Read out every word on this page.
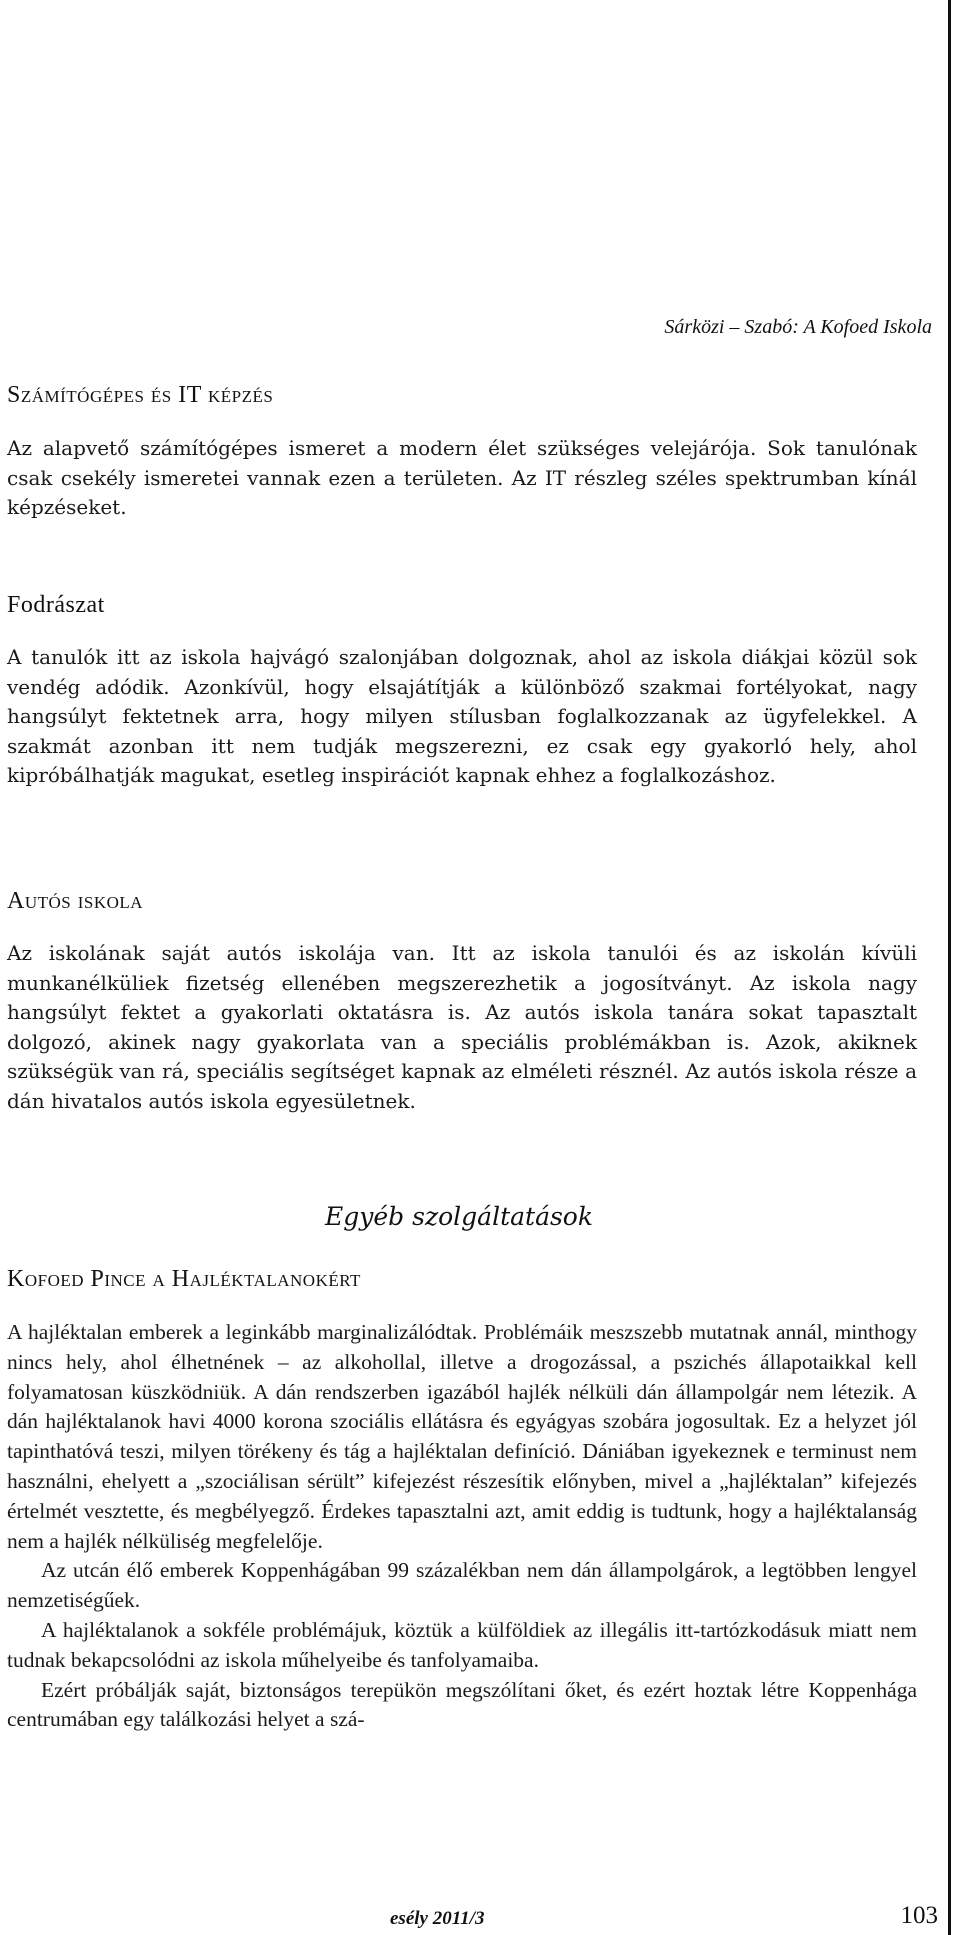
Sárközi – Szabó: A Kofoed Iskola
Számítógépes és IT képzés

Az alapvető számítógépes ismeret a modern élet szükséges velejárója. Sok tanulónak csak csekély ismeretei vannak ezen a területen. Az IT részleg széles spektrumban kínál képzéseket.

Fodrászat

A tanulók itt az iskola hajvágó szalonjában dolgoznak, ahol az iskola diákjai közül sok vendég adódik. Azonkívül, hogy elsajátítják a különböző szakmai fortélyokat, nagy hangsúlyt fektetnek arra, hogy milyen stílusban foglalkozzanak az ügyfelekkel. A szakmát azonban itt nem tudják megszerezni, ez csak egy gyakorló hely, ahol kipróbálhatják magukat, esetleg inspirációt kapnak ehhez a foglalkozáshoz.

Autós iskola

Az iskolának saját autós iskolája van. Itt az iskola tanulói és az iskolán kívüli munkanélküliek fizetség ellenében megszerezhetik a jogosítványt. Az iskola nagy hangsúlyt fektet a gyakorlati oktatásra is. Az autós iskola tanára sokat tapasztalt dolgozó, akinek nagy gyakorlata van a speciális problémákban is. Azok, akiknek szükségük van rá, speciális segítséget kapnak az elméleti résznél. Az autós iskola része a dán hivatalos autós iskola egyesületnek.

Egyéb szolgáltatások
Kofoed Pince a Hajléktalanokért

A hajléktalan emberek a leginkább marginalizálódtak. Problémáik meszszebb mutatnak annál, minthogy nincs hely, ahol élhetnének – az alkohollal, illetve a drogozással, a pszichés állapotaikkal kell folyamatosan küszködniük. A dán rendszerben igazából hajlék nélküli dán állampolgár nem létezik. A dán hajléktalanok havi 4000 korona szociális ellátásra és egyágyas szobára jogosultak. Ez a helyzet jól tapinthatóvá teszi, milyen törékeny és tág a hajléktalan definíció. Dániában igyekeznek e terminust nem használni, ehelyett a „szociálisan sérült” kifejezést részesítik előnyben, mivel a „hajléktalan” kifejezés értelmét vesztette, és megbélyegző. Érdekes tapasztalni azt, amit eddig is tudtunk, hogy a hajléktalanság nem a hajlék nélküliség megfelelője.

Az utcán élő emberek Koppenhágában 99 százalékban nem dán állampolgárok, a legtöbben lengyel nemzetiségűek.

A hajléktalanok a sokféle problémájuk, köztük a külföldiek az illegális itt-tartózkodásuk miatt nem tudnak bekapcsolódni az iskola műhelyeibe és tanfolyamaiba.

Ezért próbálják saját, biztonságos terepükön megszólítani őket, és ezért hoztak létre Koppenhága centrumában egy találkozási helyet a szá-

esély 2011/3	103
